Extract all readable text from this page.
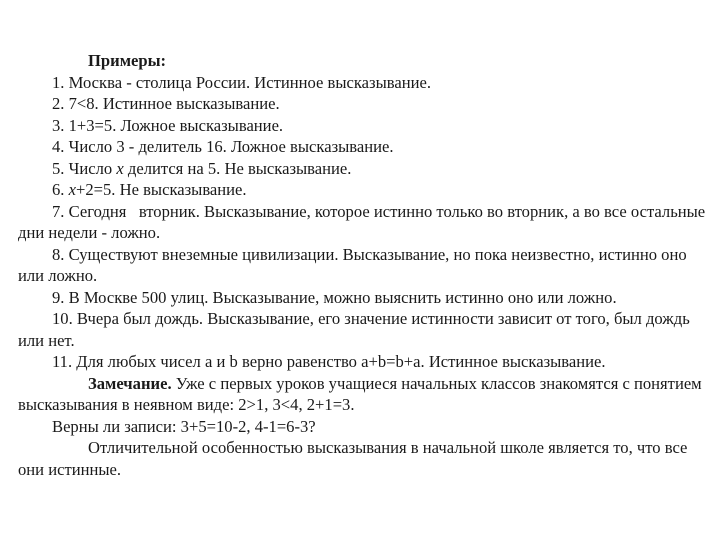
Примеры:

1. Москва - столица России. Истинное высказывание.

2. 7<8. Истинное высказывание.

3. 1+3=5. Ложное высказывание.

4. Число 3 - делитель 16. Ложное высказывание.

5. Число x делится на 5. Не высказывание.

6. x+2=5. Не высказывание.

7. Сегодня   вторник. Высказывание, которое истинно только во вторник, а во все остальные дни недели - ложно.

8. Существуют внеземные цивилизации. Высказывание, но пока неизвестно, истинно оно или ложно.

9. В Москве 500 улиц. Высказывание, можно выяснить истинно оно или ложно.

10. Вчера был дождь. Высказывание, его значение истинности зависит от того, был дождь или нет.

11. Для любых чисел а и b верно равенство a+b=b+a. Истинное высказывание.

Замечание. Уже с первых уроков учащиеся начальных классов знакомятся с понятием высказывания в неявном виде: 2>1, 3<4, 2+1=3.

Верны ли записи: 3+5=10-2, 4-1=6-3?

Отличительной особенностью высказывания в начальной школе является то, что все они истинные.
